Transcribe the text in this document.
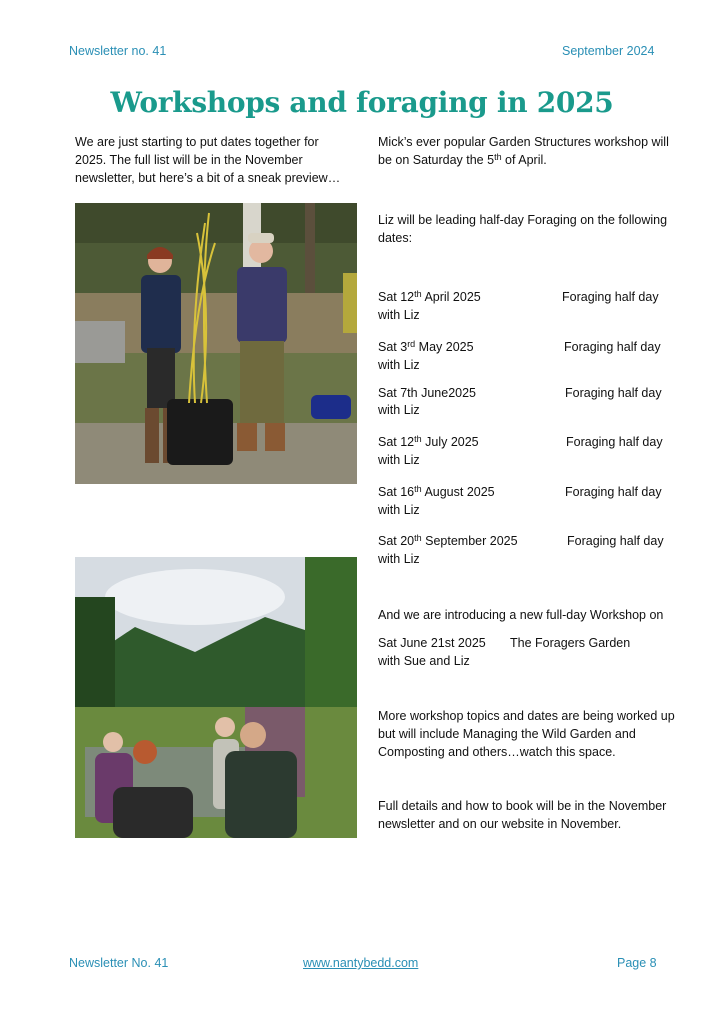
Newsletter no. 41	September 2024
Workshops and foraging in 2025
We are just starting to put dates together for 2025. The full list will be in the November newsletter, but here’s a bit of a sneak preview…
Mick’s ever popular Garden Structures workshop will be on Saturday the 5th of April.
Liz will be leading half-day Foraging on the following dates:
Sat 12th April 2025	Foraging half day
with Liz
Sat 3rd May 2025	Foraging half day
with Liz
Sat 7th June2025	Foraging half day
with Liz
Sat 12th July 2025	Foraging half day
with Liz
Sat 16th August 2025	Foraging half day
with Liz
Sat 20th September 2025	Foraging half day
with Liz
And we are introducing a new full-day Workshop on
Sat June 21st 2025 The Foragers Garden
with Sue and Liz
More workshop topics and dates are being worked up but will include Managing the Wild Garden and Composting and others…watch this space.
Full details and how to book will be in the November newsletter and on our website in November.
Newsletter No. 41	www.nantybedd.com	Page 8
